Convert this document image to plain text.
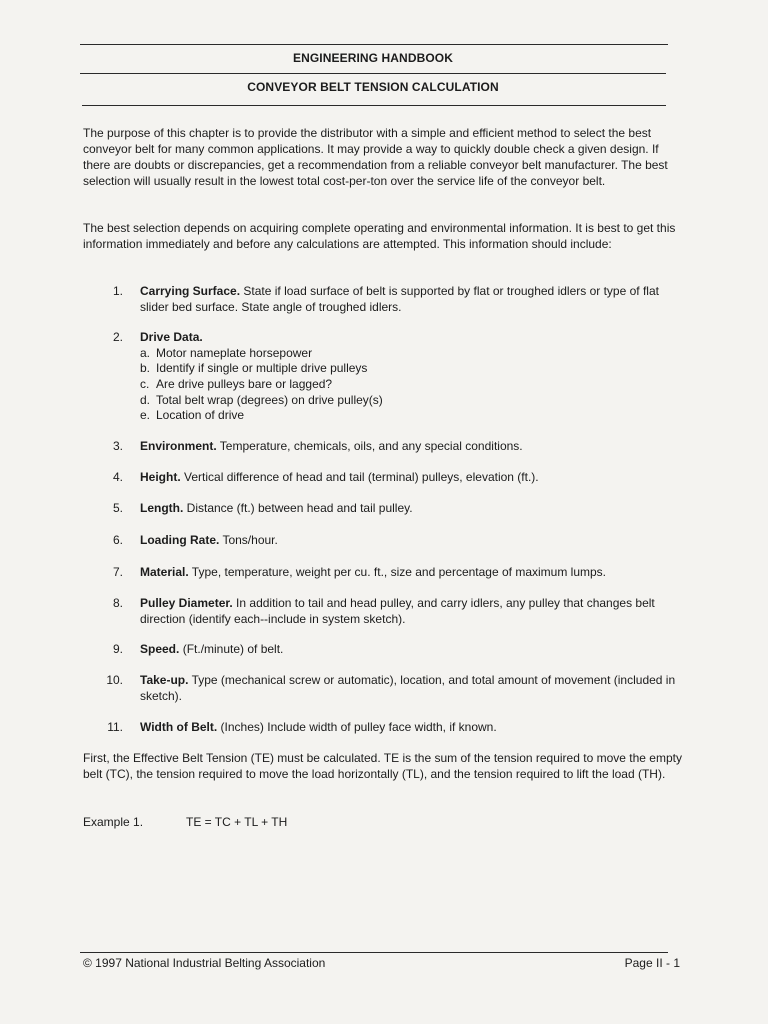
ENGINEERING HANDBOOK
CONVEYOR BELT TENSION CALCULATION
The purpose of this chapter is to provide the distributor with a simple and efficient method to select the best conveyor belt for many common applications. It may provide a way to quickly double check a given design. If there are doubts or discrepancies, get a recommendation from a reliable conveyor belt manufacturer. The best selection will usually result in the lowest total cost-per-ton over the service life of the conveyor belt.
The best selection depends on acquiring complete operating and environmental information. It is best to get this information immediately and before any calculations are attempted. This information should include:
1. Carrying Surface. State if load surface of belt is supported by flat or troughed idlers or type of flat slider bed surface. State angle of troughed idlers.
2. Drive Data.
a. Motor nameplate horsepower
b. Identify if single or multiple drive pulleys
c. Are drive pulleys bare or lagged?
d. Total belt wrap (degrees) on drive pulley(s)
e. Location of drive
3. Environment. Temperature, chemicals, oils, and any special conditions.
4. Height. Vertical difference of head and tail (terminal) pulleys, elevation (ft.).
5. Length. Distance (ft.) between head and tail pulley.
6. Loading Rate. Tons/hour.
7. Material. Type, temperature, weight per cu. ft., size and percentage of maximum lumps.
8. Pulley Diameter. In addition to tail and head pulley, and carry idlers, any pulley that changes belt direction (identify each--include in system sketch).
9. Speed. (Ft./minute) of belt.
10. Take-up. Type (mechanical screw or automatic), location, and total amount of movement (included in sketch).
11. Width of Belt. (Inches) Include width of pulley face width, if known.
First, the Effective Belt Tension (TE) must be calculated. TE is the sum of the tension required to move the empty belt (TC), the tension required to move the load horizontally (TL), and the tension required to lift the load (TH).
Example 1.	TE = TC + TL + TH
© 1997 National Industrial Belting Association	Page II - 1
